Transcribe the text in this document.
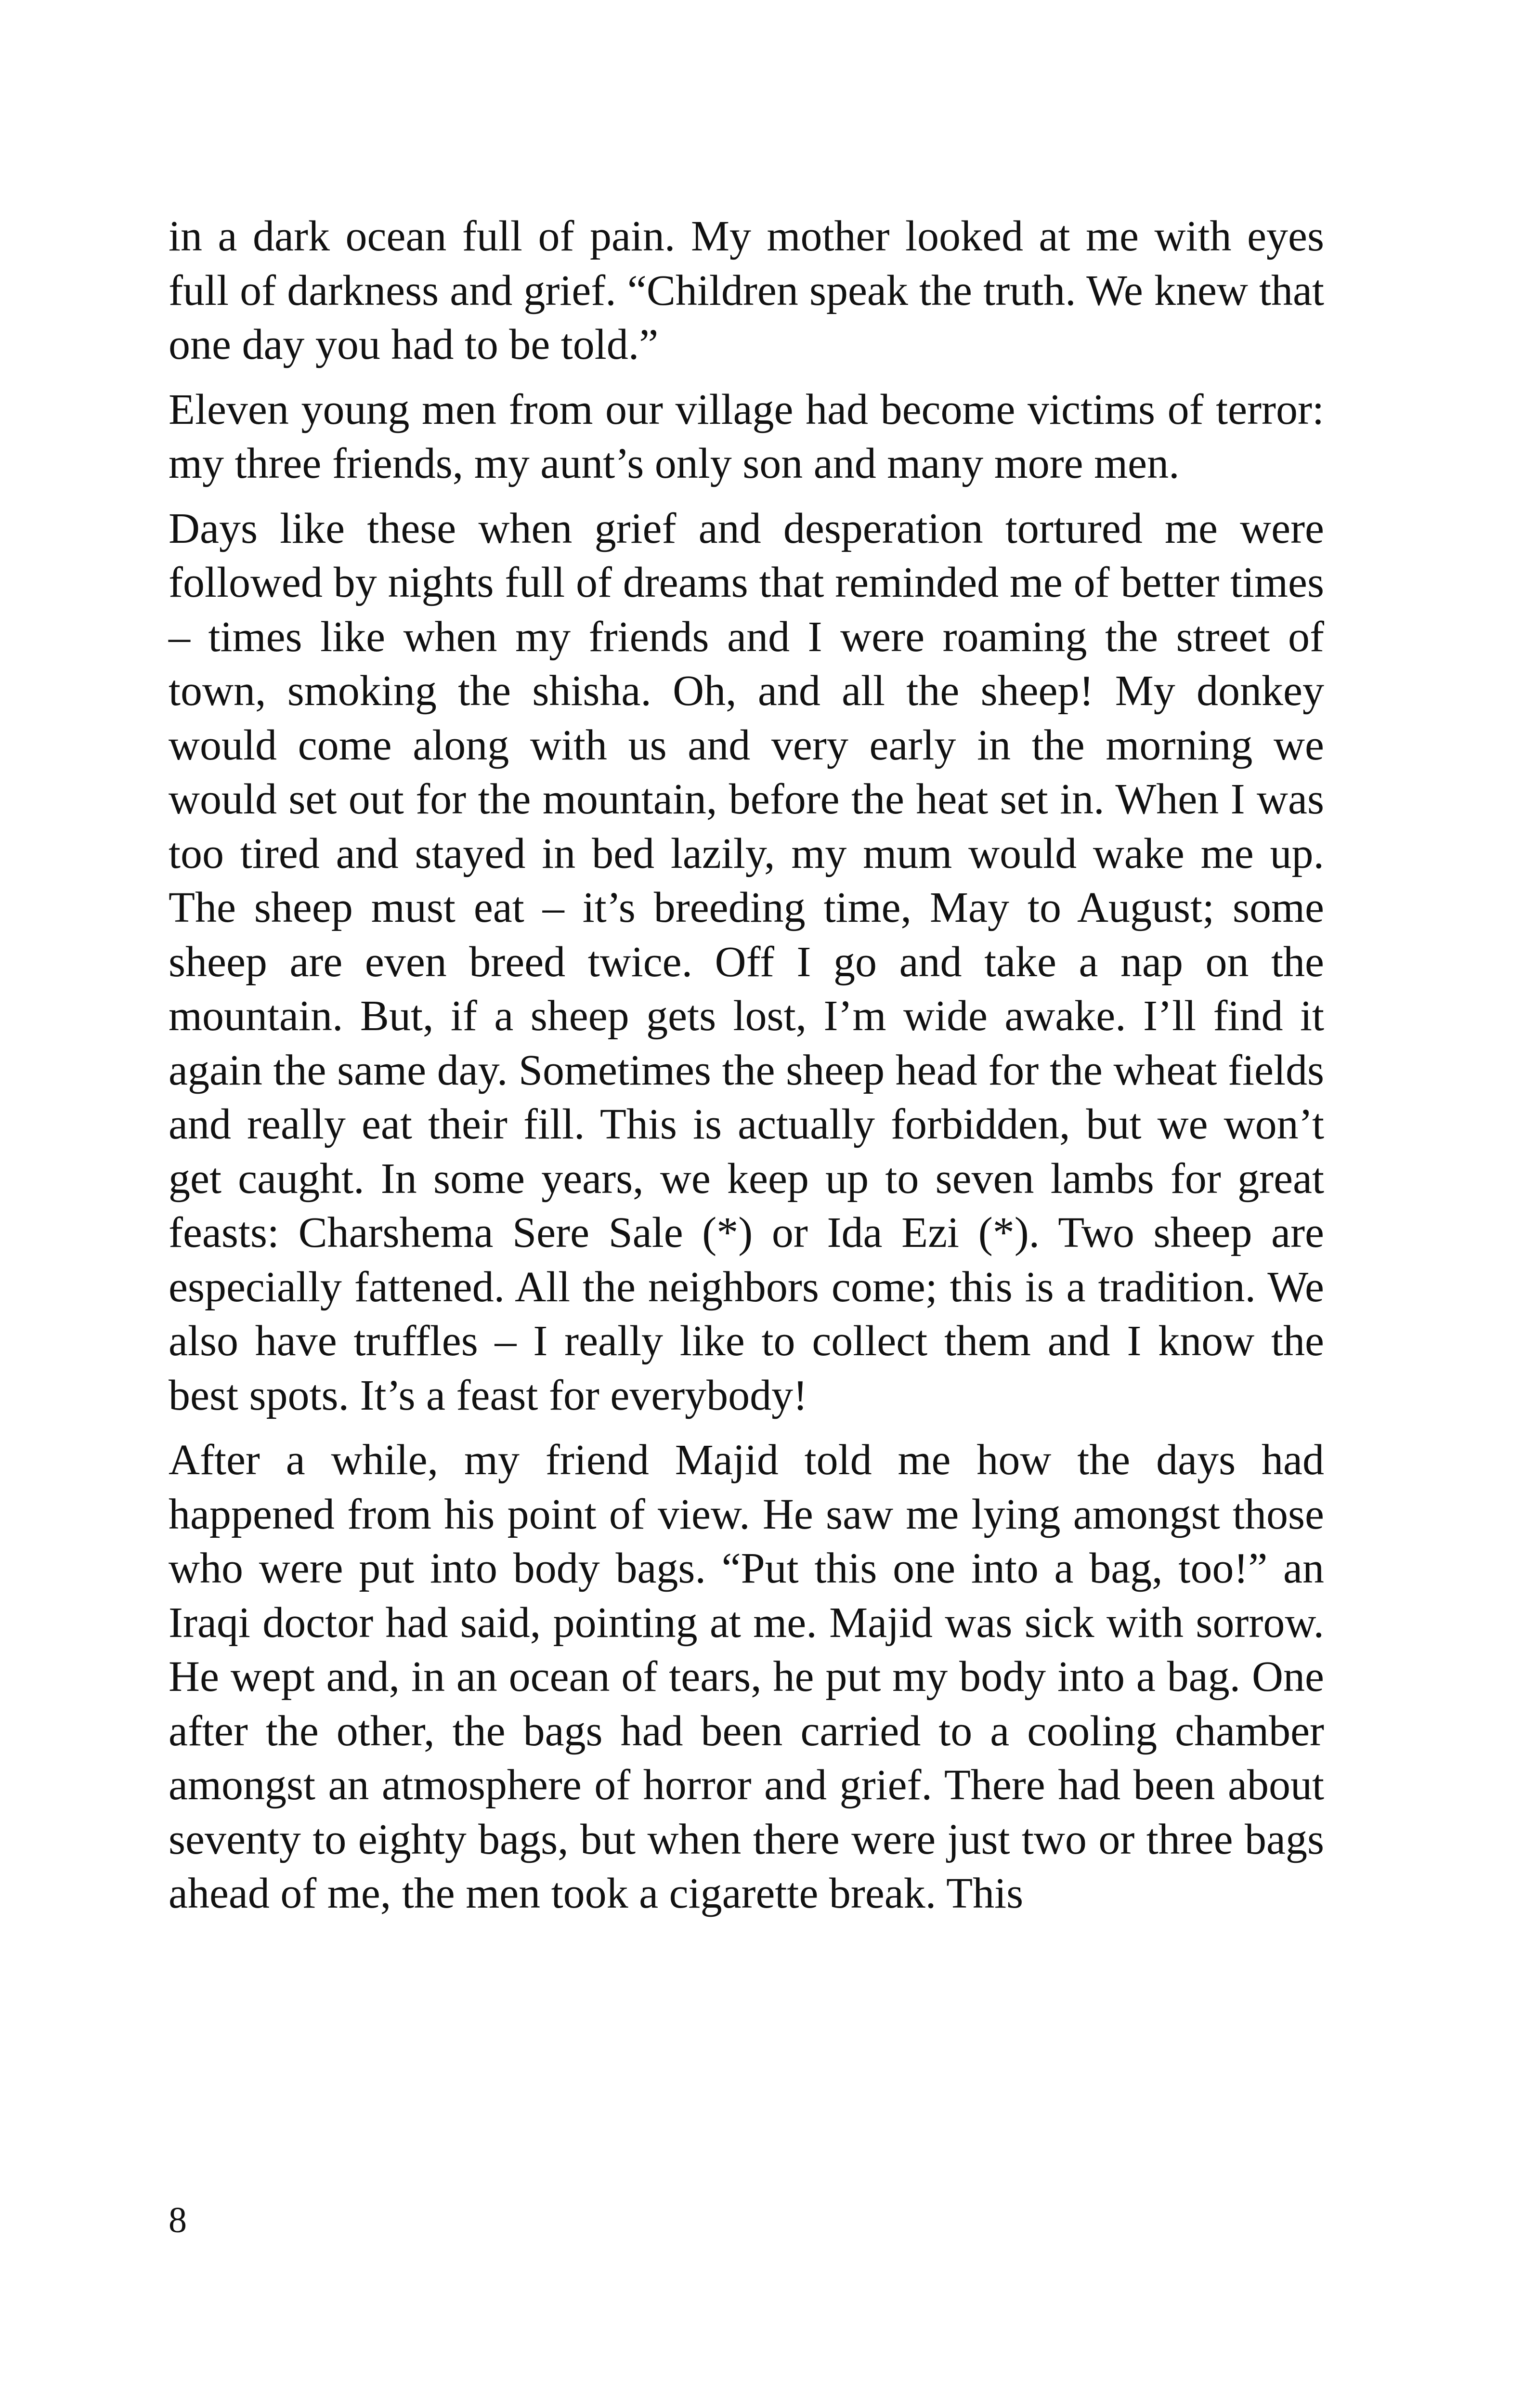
in a dark ocean full of pain. My mother looked at me with eyes full of darkness and grief. “Children speak the truth. We knew that one day you had to be told.”

Eleven young men from our village had become victims of terror: my three friends, my aunt’s only son and many more men.

Days like these when grief and desperation tortured me were followed by nights full of dreams that reminded me of better times – times like when my friends and I were roaming the street of town, smoking the shisha. Oh, and all the sheep! My donkey would come along with us and very early in the morning we would set out for the mountain, before the heat set in. When I was too tired and stayed in bed lazily, my mum would wake me up. The sheep must eat – it’s breeding time, May to August; some sheep are even breed twice. Off I go and take a nap on the mountain. But, if a sheep gets lost, I’m wide awake. I’ll find it again the same day. Sometimes the sheep head for the wheat fields and really eat their fill. This is actually forbidden, but we won’t get caught. In some years, we keep up to seven lambs for great feasts: Charshema Sere Sale (*) or Ida Ezi (*). Two sheep are especially fattened. All the neighbors come; this is a tradition. We also have truffles – I really like to collect them and I know the best spots. It’s a feast for everybody!

After a while, my friend Majid told me how the days had happened from his point of view. He saw me lying amongst those who were put into body bags. “Put this one into a bag, too!” an Iraqi doctor had said, pointing at me. Majid was sick with sorrow. He wept and, in an ocean of tears, he put my body into a bag. One after the other, the bags had been carried to a cooling chamber amongst an atmosphere of horror and grief. There had been about seventy to eighty bags, but when there were just two or three bags ahead of me, the men took a cigarette break. This

8
